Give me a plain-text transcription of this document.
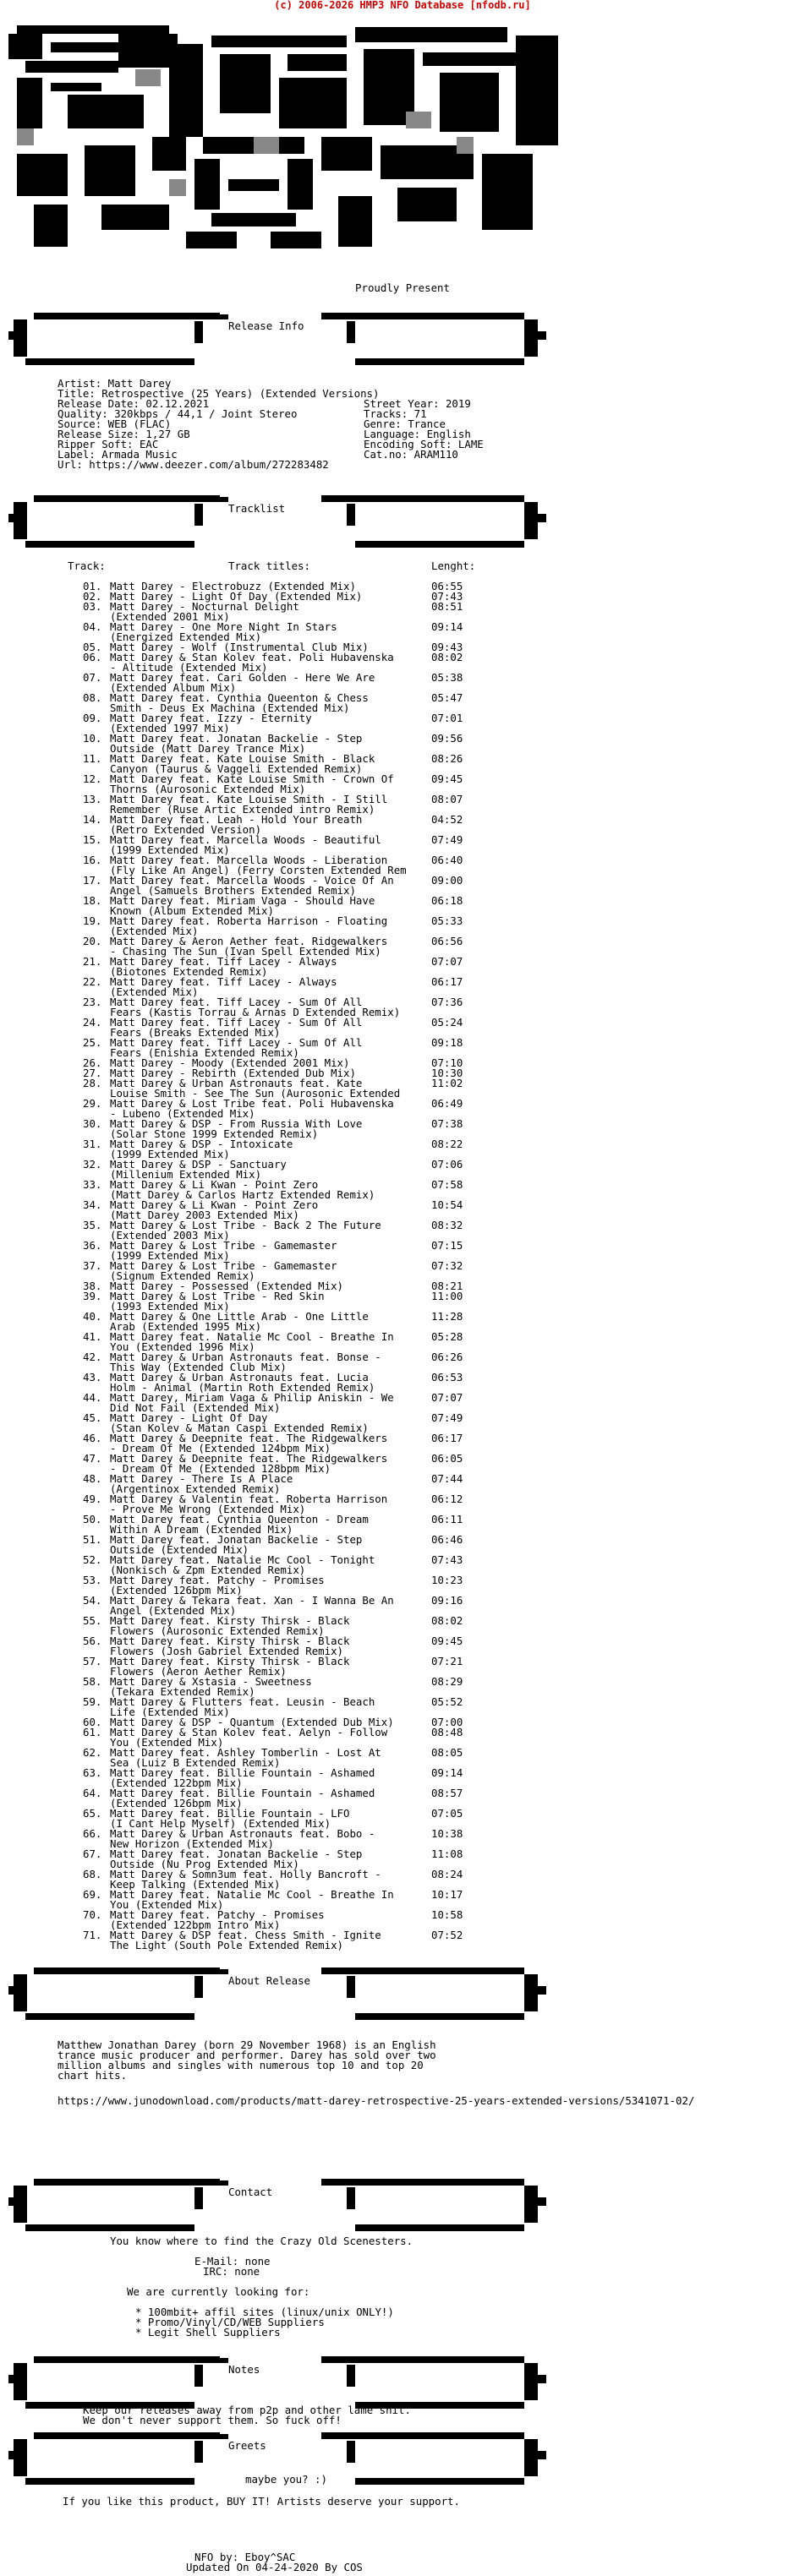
(c) 2006-2026 HMP3 NFO Database [nfodb.ru]
Proudly Present
Release Info
Artist: Matt Darey
Title: Retrospective (25 Years) (Extended Versions)
Release Date: 02.12.2021	Street Year: 2019
Quality: 320kbps / 44,1 / Joint Stereo	Tracks: 71
Source: WEB (FLAC)	Genre: Trance
Release Size: 1,27 GB	Language: English
Ripper Soft: EAC	Encoding Soft: LAME
Label: Armada Music	Cat.no: ARAM110
Url: https://www.deezer.com/album/272283482
Tracklist
Track:	Track titles:	Lenght:
01. Matt Darey - Electrobuzz (Extended Mix)	06:55
02. Matt Darey - Light Of Day (Extended Mix)	07:43
03. Matt Darey - Nocturnal Delight	08:51
(Extended 2001 Mix)
04. Matt Darey - One More Night In Stars	09:14
(Energized Extended Mix)
05. Matt Darey - Wolf (Instrumental Club Mix)	09:43
06. Matt Darey & Stan Kolev feat. Poli Hubavenska	08:02
- Altitude (Extended Mix)
07. Matt Darey feat. Cari Golden - Here We Are	05:38
(Extended Album Mix)
08. Matt Darey feat. Cynthia Queenton & Chess	05:47
Smith - Deus Ex Machina (Extended Mix)
09. Matt Darey feat. Izzy - Eternity	07:01
(Extended 1997 Mix)
10. Matt Darey feat. Jonatan Backelie - Step	09:56
Outside (Matt Darey Trance Mix)
11. Matt Darey feat. Kate Louise Smith - Black	08:26
Canyon (Taurus & Vaggeli Extended Remix)
12. Matt Darey feat. Kate Louise Smith - Crown Of	09:45
Thorns (Aurosonic Extended Mix)
13. Matt Darey feat. Kate Louise Smith - I Still	08:07
Remember (Ruse Artic Extended intro Remix)
14. Matt Darey feat. Leah - Hold Your Breath	04:52
(Retro Extended Version)
15. Matt Darey feat. Marcella Woods - Beautiful	07:49
(1999 Extended Mix)
16. Matt Darey feat. Marcella Woods - Liberation	06:40
(Fly Like An Angel) (Ferry Corsten Extended Rem
17. Matt Darey feat. Marcella Woods - Voice Of An	09:00
Angel (Samuels Brothers Extended Remix)
18. Matt Darey feat. Miriam Vaga - Should Have	06:18
Known (Album Extended Mix)
19. Matt Darey feat. Roberta Harrison - Floating	05:33
(Extended Mix)
20. Matt Darey & Aeron Aether feat. Ridgewalkers	06:56
- Chasing The Sun (Ivan Spell Extended Mix)
21. Matt Darey feat. Tiff Lacey - Always	07:07
(Biotones Extended Remix)
22. Matt Darey feat. Tiff Lacey - Always	06:17
(Extended Mix)
23. Matt Darey feat. Tiff Lacey - Sum Of All	07:36
Fears (Kastis Torrau & Arnas D Extended Remix)
24. Matt Darey feat. Tiff Lacey - Sum Of All	05:24
Fears (Breaks Extended Mix)
25. Matt Darey feat. Tiff Lacey - Sum Of All	09:18
Fears (Enishia Extended Remix)
26. Matt Darey - Moody (Extended 2001 Mix)	07:10
27. Matt Darey - Rebirth (Extended Dub Mix)	10:30
28. Matt Darey & Urban Astronauts feat. Kate	11:02
Louise Smith - See The Sun (Aurosonic Extended
29. Matt Darey & Lost Tribe feat. Poli Hubavenska	06:49
- Lubeno (Extended Mix)
30. Matt Darey & DSP - From Russia With Love	07:38
(Solar Stone 1999 Extended Remix)
31. Matt Darey & DSP - Intoxicate	08:22
(1999 Extended Mix)
32. Matt Darey & DSP - Sanctuary	07:06
(Millenium Extended Mix)
33. Matt Darey & Li Kwan - Point Zero	07:58
(Matt Darey & Carlos Hartz Extended Remix)
34. Matt Darey & Li Kwan - Point Zero	10:54
(Matt Darey 2003 Extended Mix)
35. Matt Darey & Lost Tribe - Back 2 The Future	08:32
(Extended 2003 Mix)
36. Matt Darey & Lost Tribe - Gamemaster	07:15
(1999 Extended Mix)
37. Matt Darey & Lost Tribe - Gamemaster	07:32
(Signum Extended Remix)
38. Matt Darey - Possessed (Extended Mix)	08:21
39. Matt Darey & Lost Tribe - Red Skin	11:00
(1993 Extended Mix)
40. Matt Darey & One Little Arab - One Little	11:28
Arab (Extended 1995 Mix)
41. Matt Darey feat. Natalie Mc Cool - Breathe In	05:28
You (Extended 1996 Mix)
42. Matt Darey & Urban Astronauts feat. Bonse -	06:26
This Way (Extended Club Mix)
43. Matt Darey & Urban Astronauts feat. Lucia	06:53
Holm - Animal (Martin Roth Extended Remix)
44. Matt Darey, Miriam Vaga & Philip Aniskin - We	07:07
Did Not Fail (Extended Mix)
45. Matt Darey - Light Of Day	07:49
(Stan Kolev & Matan Caspi Extended Remix)
46. Matt Darey & Deepnite feat. The Ridgewalkers	06:17
- Dream Of Me (Extended 124bpm Mix)
47. Matt Darey & Deepnite feat. The Ridgewalkers	06:05
- Dream Of Me (Extended 128bpm Mix)
48. Matt Darey - There Is A Place	07:44
(Argentinox Extended Remix)
49. Matt Darey & Valentin feat. Roberta Harrison	06:12
- Prove Me Wrong (Extended Mix)
50. Matt Darey feat. Cynthia Queenton - Dream	06:11
Within A Dream (Extended Mix)
51. Matt Darey feat. Jonatan Backelie - Step	06:46
Outside (Extended Mix)
52. Matt Darey feat. Natalie Mc Cool - Tonight	07:43
(Nonkisch & Zpm Extended Remix)
53. Matt Darey feat. Patchy - Promises	10:23
(Extended 126bpm Mix)
54. Matt Darey & Tekara feat. Xan - I Wanna Be An	09:16
Angel (Extended Mix)
55. Matt Darey feat. Kirsty Thirsk - Black	08:02
Flowers (Aurosonic Extended Remix)
56. Matt Darey feat. Kirsty Thirsk - Black	09:45
Flowers (Josh Gabriel Extended Remix)
57. Matt Darey feat. Kirsty Thirsk - Black	07:21
Flowers (Aeron Aether Remix)
58. Matt Darey & Xstasia - Sweetness	08:29
(Tekara Extended Remix)
59. Matt Darey & Flutters feat. Leusin - Beach	05:52
Life (Extended Mix)
60. Matt Darey & DSP - Quantum (Extended Dub Mix)	07:00
61. Matt Darey & Stan Kolev feat. Aelyn - Follow	08:48
You (Extended Mix)
62. Matt Darey feat. Ashley Tomberlin - Lost At	08:05
Sea (Luiz B Extended Remix)
63. Matt Darey feat. Billie Fountain - Ashamed	09:14
(Extended 122bpm Mix)
64. Matt Darey feat. Billie Fountain - Ashamed	08:57
(Extended 126bpm Mix)
65. Matt Darey feat. Billie Fountain - LFO	07:05
(I Cant Help Myself) (Extended Mix)
66. Matt Darey & Urban Astronauts feat. Bobo -	10:38
New Horizon (Extended Mix)
67. Matt Darey feat. Jonatan Backelie - Step	11:08
Outside (Nu Prog Extended Mix)
68. Matt Darey & Somn3um feat. Holly Bancroft -	08:24
Keep Talking (Extended Mix)
69. Matt Darey feat. Natalie Mc Cool - Breathe In	10:17
You (Extended Mix)
70. Matt Darey feat. Patchy - Promises	10:58
(Extended 122bpm Intro Mix)
71. Matt Darey & DSP feat. Chess Smith - Ignite	07:52
The Light (South Pole Extended Remix)
About Release
Matthew Jonathan Darey (born 29 November 1968) is an English
trance music producer and performer. Darey has sold over two
million albums and singles with numerous top 10 and top 20
chart hits.
https://www.junodownload.com/products/matt-darey-retrospective-25-years-extended-versions/5341071-02/
Contact
You know where to find the Crazy Old Scenesters.
E-Mail: none
IRC: none
We are currently looking for:
* 100mbit+ affil sites (linux/unix ONLY!)
* Promo/Vinyl/CD/WEB Suppliers
* Legit Shell Suppliers
Notes
Keep our releases away from p2p and other lame shit.
We don't never support them. So fuck off!
Greets
maybe you? :)
If you like this product, BUY IT! Artists deserve your support.
NFO by: Eboy^SAC
Updated On 04-24-2020 By COS
